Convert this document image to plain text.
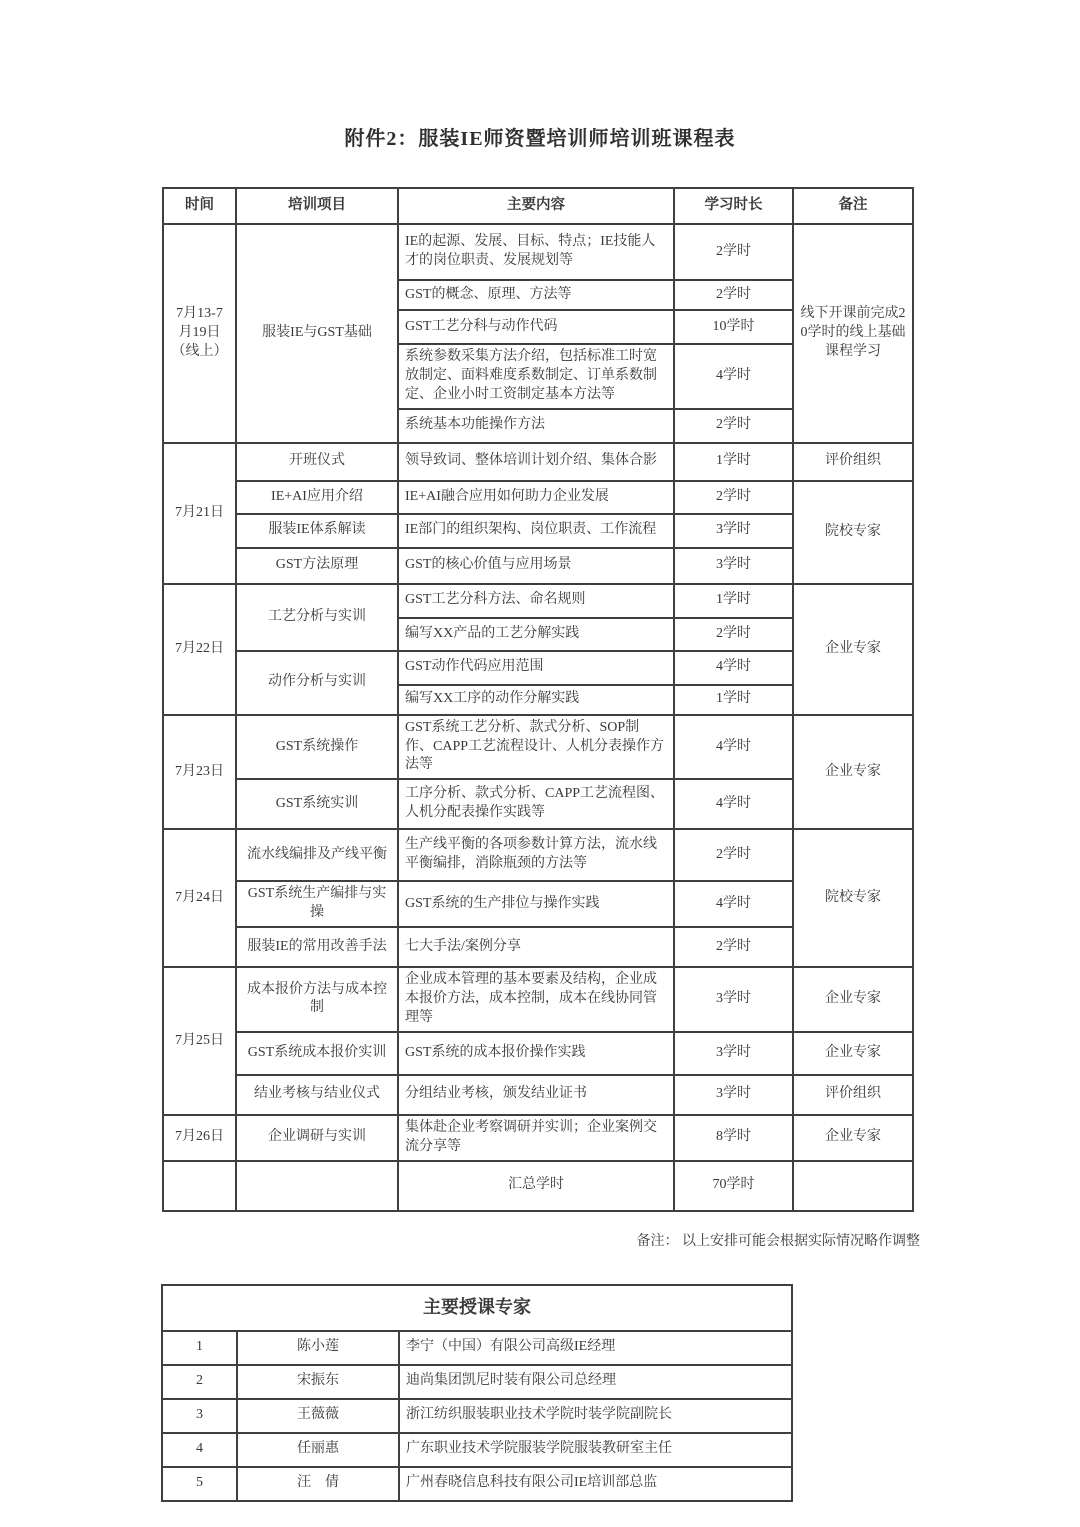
附件2：服装IE师资暨培训师培训班课程表
时间	培训项目	主要内容	学习时长	备注
7月13-7月19日（线上）	服装IE与GST基础	IE的起源、发展、目标、特点；IE技能人才的岗位职责、发展规划等	2学时	线下开课前完成20学时的线上基础课程学习
		GST的概念、原理、方法等	2学时	
		GST工艺分科与动作代码	10学时	
		系统参数采集方法介绍，包括标准工时宽放制定、面料难度系数制定、订单系数制定、企业小时工资制定基本方法等	4学时	
		系统基本功能操作方法	2学时	
7月21日	开班仪式	领导致词、整体培训计划介绍、集体合影	1学时	评价组织
	IE+AI应用介绍	IE+AI融合应用如何助力企业发展	2学时	院校专家
	服装IE体系解读	IE部门的组织架构、岗位职责、工作流程	3学时	
	GST方法原理	GST的核心价值与应用场景	3学时	
7月22日	工艺分析与实训	GST工艺分科方法、命名规则	1学时	企业专家
		编写XX产品的工艺分解实践	2学时	
	动作分析与实训	GST动作代码应用范围	4学时	
		编写XX工序的动作分解实践	1学时	
7月23日	GST系统操作	GST系统工艺分析、款式分析、SOP制作、CAPP工艺流程设计、人机分表操作方法等	4学时	企业专家
	GST系统实训	工序分析、款式分析、CAPP工艺流程图、人机分配表操作实践等	4学时	
7月24日	流水线编排及产线平衡	生产线平衡的各项参数计算方法，流水线平衡编排，消除瓶颈的方法等	2学时	院校专家
	GST系统生产编排与实操	GST系统的生产排位与操作实践	4学时	
	服装IE的常用改善手法	七大手法/案例分享	2学时	
7月25日	成本报价方法与成本控制	企业成本管理的基本要素及结构，企业成本报价方法，成本控制，成本在线协同管理等	3学时	企业专家
	GST系统成本报价实训	GST系统的成本报价操作实践	3学时	企业专家
	结业考核与结业仪式	分组结业考核，颁发结业证书	3学时	评价组织
7月26日	企业调研与实训	集体赴企业考察调研并实训；企业案例交流分享等	8学时	企业专家
		汇总学时	70学时	
备注： 以上安排可能会根据实际情况略作调整
主要授课专家		
1	陈小莲	李宁（中国）有限公司高级IE经理
2	宋振东	迪尚集团凯尼时装有限公司总经理
3	王薇薇	浙江纺织服装职业技术学院时装学院副院长
4	任丽惠	广东职业技术学院服装学院服装教研室主任
5	汪　倩	广州春晓信息科技有限公司IE培训部总监
